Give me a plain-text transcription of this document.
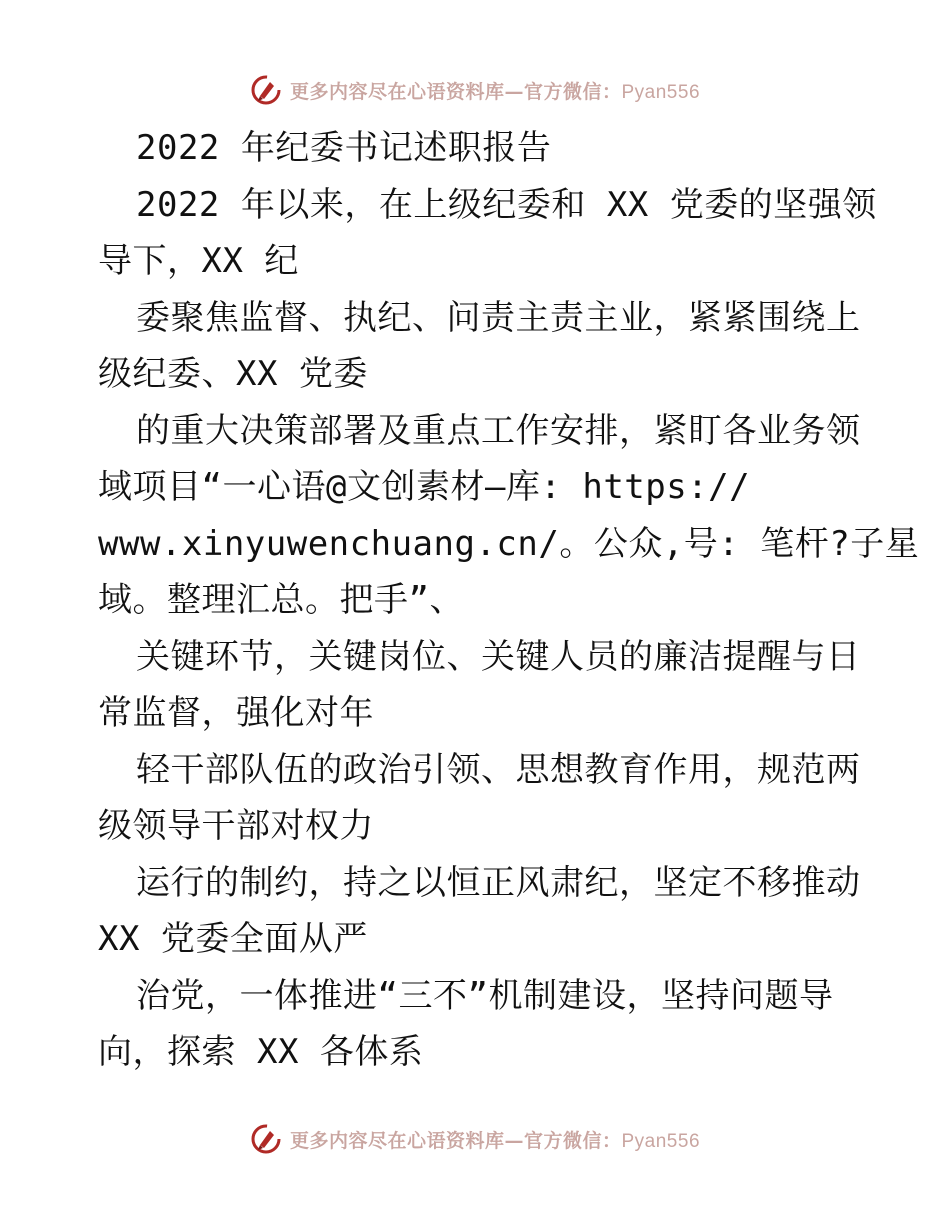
更多内容尽在心语资料库—官方微信：Pyan556
2022 年纪委书记述职报告
2022 年以来，在上级纪委和 XX 党委的坚强领
导下，XX 纪
委聚焦监督、执纪、问责主责主业，紧紧围绕上
级纪委、XX 党委
的重大决策部署及重点工作安排，紧盯各业务领
域项目“一心语@文创素材—库: https://
www.xinyuwenchuang.cn/。公众,号: 笔杆?子星
域。整理汇总。把手”、
关键环节，关键岗位、关键人员的廉洁提醒与日
常监督，强化对年
轻干部队伍的政治引领、思想教育作用，规范两
级领导干部对权力
运行的制约，持之以恒正风肃纪，坚定不移推动
XX 党委全面从严
治党，一体推进“三不”机制建设，坚持问题导
向，探索 XX 各体系
更多内容尽在心语资料库—官方微信：Pyan556
